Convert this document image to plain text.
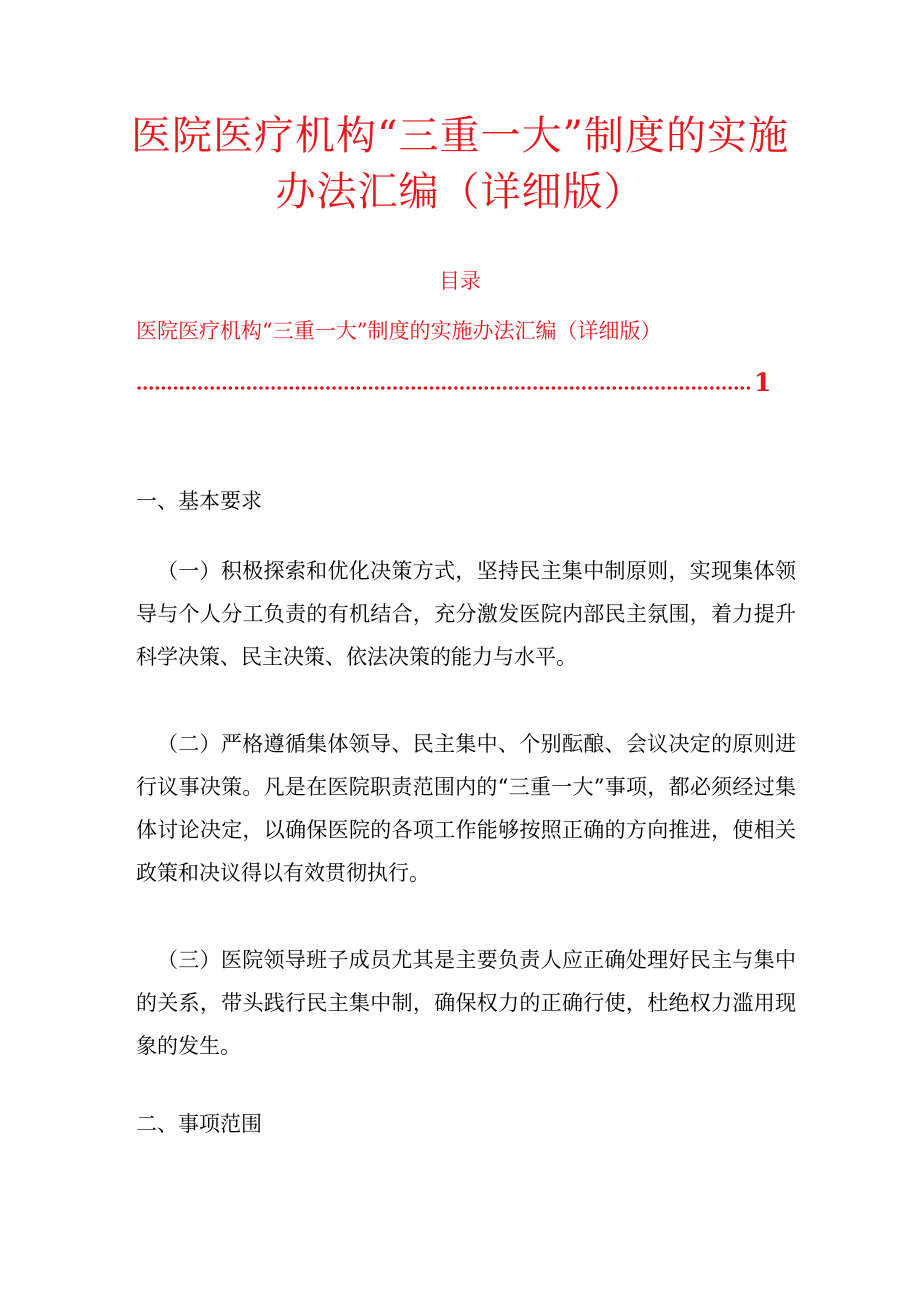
医院医疗机构“三重一大”制度的实施办法汇编（详细版）
目录
医院医疗机构“三重一大”制度的实施办法汇编（详细版）
1
一、基本要求

（一）积极探索和优化决策方式，坚持民主集中制原则，实现集体领导与个人分工负责的有机结合，充分激发医院内部民主氛围，着力提升科学决策、民主决策、依法决策的能力与水平。

（二）严格遵循集体领导、民主集中、个别酝酿、会议决定的原则进行议事决策。凡是在医院职责范围内的“三重一大”事项，都必须经过集体讨论决定，以确保医院的各项工作能够按照正确的方向推进，使相关政策和决议得以有效贯彻执行。

（三）医院领导班子成员尤其是主要负责人应正确处理好民主与集中的关系，带头践行民主集中制，确保权力的正确行使，杜绝权力滥用现象的发生。

二、事项范围
